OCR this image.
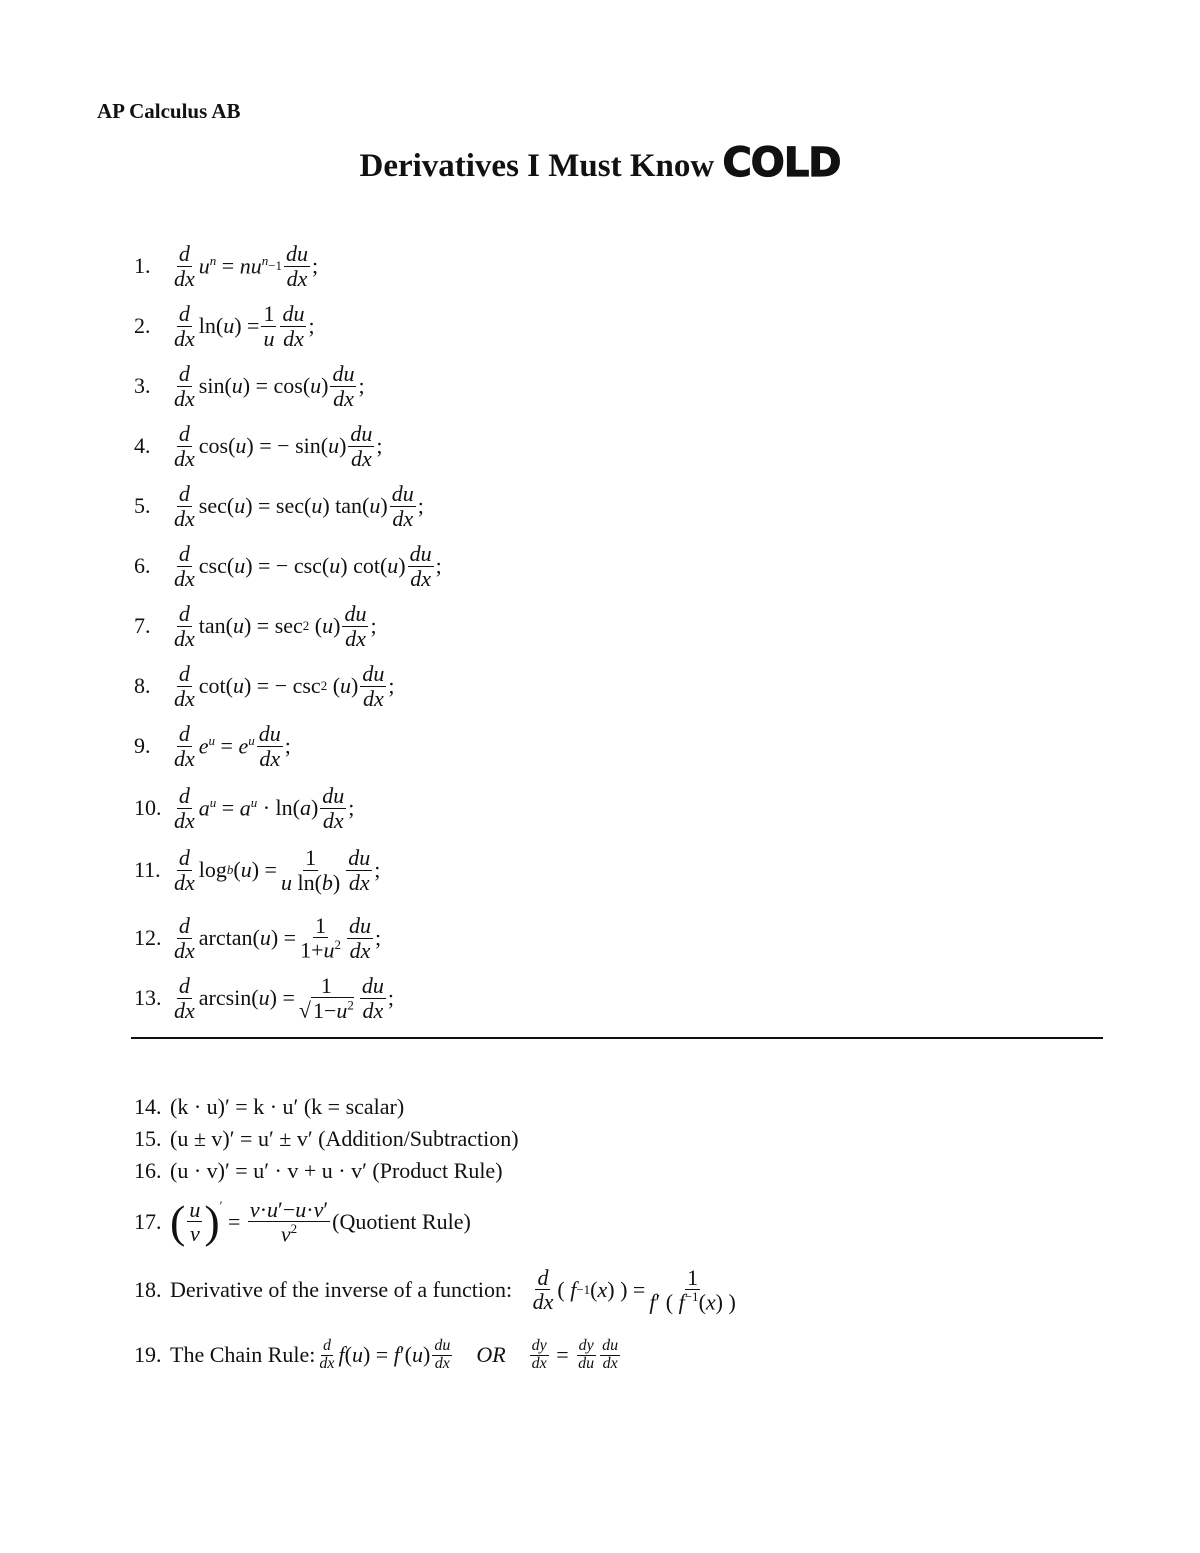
AP Calculus AB
Derivatives I Must Know COLD
1. $\frac{d}{dx} u^n = nu^n -1 \frac{du}{dx}$ ;
2. $\frac{d}{dx} \ln$( u ) = $\frac{1}{u} \frac{du}{dx}$ ;
3. $\frac{d}{dx} \sin$( u ) = cos( u ) $\frac{du}{dx}$ ;
4. $\frac{d}{dx} \cos$( u ) = − sin( u ) $\frac{du}{dx}$ ;
5. $\frac{d}{dx} \sec$( u ) = sec( u ) tan( u ) $\frac{du}{dx}$ ;
6. $\frac{d}{dx} \csc$( u ) = − csc( u ) cot( u ) $\frac{du}{dx}$ ;
7. $\frac{d}{dx} \tan$( u ) = sec 2 ( u ) $\frac{du}{dx}$ ;
8. $\frac{d}{dx} \cot$( u ) = − csc 2 ( u ) $\frac{du}{dx}$ ;
9. $\frac{d}{dx} e^u = e^u \frac{du}{dx}$ ;
10. $\frac{d}{dx} a^u = a^u \cdot \ln$( a ) $\frac{du}{dx}$ ;
11. $\frac{d}{dx}$ log b ( u ) = $\frac{1}{\text{u ln(b)}} \frac{du}{dx}$ ;
12. $\frac{d}{dx} \arctan$( u ) = $\frac{1}{1+u^2} \frac{du}{dx}$ ;
13. $\frac{d}{dx} \arcsin$( u ) = $\frac{1}{√1-u^2} \frac{du}{dx}$ ;
14. (k · u)′ = k · u′ (k = scalar)
15. (u ± v)′ = u′ ± v′ (Addition/Subtraction)
16. (u · v)′ = u′ · v + u · v′ (Product Rule)
17. ( $\frac{u}{v} )'$
= $\frac{v\cdot u'-u\cdot v'}{v^2}$ (Quotient Rule)
18. Derivative of the inverse of a function:
$\frac{d}{dx}$ ( f −1 ( x ) ) = $\frac{1}{f' ( f^{-1}(x) )}$
19. The Chain Rule: $\frac{d}{dx}$ f ( u ) = f ′( u ) $\frac{du}{dx}$
OR
$\frac{dy}{dx} = \frac{dy}{du} \frac{du}{dx}$
